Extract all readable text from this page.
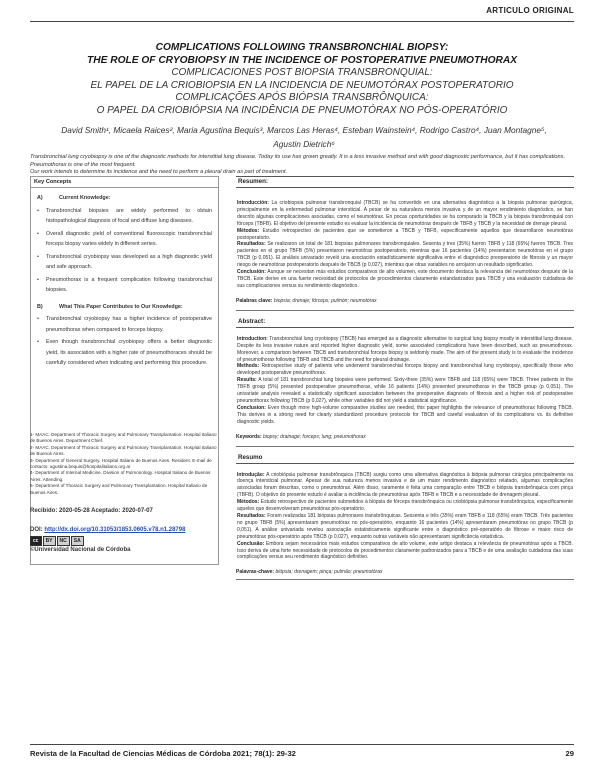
ARTICULO ORIGINAL
COMPLICATIONS FOLLOWING TRANSBRONCHIAL BIOPSY:
THE ROLE OF CRYOBIOPSY IN THE INCIDENCE OF POSTOPERATIVE PNEUMOTHORAX
COMPLICACIONES POST BIOPSIA TRANSBRONQUIAL:
EL PAPEL DE LA CRIOBIOPSIA EN LA INCIDENCIA DE NEUMOTÓRAX POSTOPERATORIO
COMPLICAÇÕES APÓS BIÓPSIA TRANSBRÔNQUICA:
O PAPEL DA CRIOBIÓPSIA NA INCIDÊNCIA DE PNEUMOTÓRAX NO PÓS-OPERATÓRIO
David Smith¹, Micaela Raices², Maria Agustina Bequis³, Marcos Las Heras⁴, Esteban Wainstein⁴, Rodrigo Castro⁴, Juan Montagne⁵, Agustin Dietrich⁶
Transbronchial lung cryobiopsy is one of the diagnostic methods for interstitial lung disease. Today its use has grown greatly. It is a less invasive method and with good diagnostic performance, but it has complications. Pneumothorax is one of the most frequent.
Our work intends to determine its incidence and the need to perform a pleural drain as part of treatment.
Key Concepts
A)	Current Knowledge:
•	Transbronchial biopsies are widely performed to obtain histopathological diagnosis of focal and diffuse lung diseases.
•	Overall diagnostic yield of conventional fluoroscopic transbronchial forceps biopsy varies widely in different series.
•	Transbronchial cryobiopsy was developed as a high diagnostic yield and safe approach.
•	Pneumothorax is a frequent complication following transbronchial biopsies.
B)	What This Paper Contributes to Our Knowledge:
•	Transbronchial cryobiopsy has a higher incidence of postoperative pneumothorax when compared to forceps biopsy.
•	Even though transbronchial cryobiopsy offers a better diagnostic yield, its association with a higher rate of pneumothoraces should be carefully considered when indicating and performing this procedure.
1- MAAC. Department of Thoracic Surgery and Pulmonary Transplantation. Hospital Italiano de Buenos Aires. Department Chief.
2- MAAC. Department of Thoracic Surgery and Pulmonary Transplantation. Hospital Italiano de Buenos Aires.
3- Department of General Surgery. Hospital Italiano de Buenos Aires. Resident. E-mail de contacto: agustina.bequis@hospitalitaliano.org.ar
4- Department of Internal Medicine. Division of Pulmonology. Hospital Italiano de Buenos Aires. Attending.
5- Department of Thoracic Surgery and Pulmonary Transplantation. Hospital Italiano de Buenos Aires.
Recibido: 2020-05-28 Aceptado: 2020-07-07
DOI: http://dx.doi.org/10.31053/1853.0605.v78.n1.28798
cc	BY	NC	SA
©Universidad Nacional de Córdoba
Resumen:
Introducción: La criobiopsia pulmonar transbronquial (TBCB) se ha convertido en una alternativa diagnóstica a la biopsia pulmonar quirúrgica, principalmente en la enfermedad pulmonar intersticial. A pesar de su naturaleza menos invasiva y de un mayor rendimiento diagnóstico, se han descrito algunas complicaciones asociadas, como el neumotórax. En pocas oportunidades se ha comparado la TBCB y la biopsia transbronquial con fórceps (TBFB). El objetivo del presente estudio es evaluar la incidencia de neumotórax después de TBFB y TBCB y la necesidad de drenaje pleural.
Métodos: Estudio retrospectivo de pacientes que se sometieron a TBCB y TBFB, específicamente aquellos que desarrollaron neumotórax postoperatorio.
Resultados: Se realizaron un total de 181 biopsias pulmonares transbronquiales. Sesenta y tres (35%) fueron TBFB y 118 (65%) fueron TBCB. Tres pacientes en el grupo TBFB (5%) presentaron neumotórax postoperatorio, mientras que 16 pacientes (14%) presentaron neumotórax en el grupo TBCB (p 0,051). El análisis univariado reveló una asociación estadísticamente significativa entre el diagnóstico preoperatorio de fibrosis y un mayor riesgo de neumotórax postoperatorio después de TBCB (p 0,027), mientras que otras variables no arrojaron un resultado significativo.
Conclusión: Aunque se necesitan más estudios comparativos de alto volumen, este documento destaca la relevancia del neumotórax después de la TBCB. Este derive en una fuerte necesidad de protocolos de procedimientos claramente estandarizados para TBCB y una evaluación cuidadosa de sus complicaciones versus su rendimiento diagnóstico.
Palabras clave: biopsia; drenaje; fórceps; pulmón; neumotórax
Abstract:
Introduction: Transbronchial lung cryobiopsy (TBCB) has emerged as a diagnostic alternative to surgical lung biopsy mostly in interstitial lung disease. Despite its less invasive nature and reported higher diagnostic yield, some associated complications have been described, such as pneumothorax. Moreover, a comparison between TBCB and transbronchial forceps biopsy is seldomly made. The aim of the present study is to evaluate the incidence of pneumothorax following TBFB and TBCB and the need for pleural drainage.
Methods: Retrospective study of patients who underwent transbronchial forceps biopsy and transbronchial lung cryobiopsy, specifically those who developed postoperative pneumothorax.
Results: A total of 181 transbronchial lung biopsies were performed. Sixty-three (35%) were TBFB and 118 (65%) were TBCB. Three patients in the TBFB group (5%) presented postoperative pneumothorax, while 16 patients (14%) presented pneumothorax in the TBCB group (p 0,051). The univariate analysis revealed a statistically significant association between the preoperative diagnosis of fibrosis and a higher risk of postoperative pneumothorax following TBCB (p 0,027), while other variables did not yield a statistical significance.
Conclusion: Even though more high-volume comparative studies are needed, this paper highlights the relevance of pneumothorax following TBCB. This derives in a strong need for clearly standardized procedure protocols for TBCB and careful evaluation of its complications vs. its definitive diagnostic yields.
Keywords: biopsy; drainage; forceps; lung; pneumothorax
Resumo
Introdução: A criobiópsia pulmonar transbrônquica (TBCB) surgiu como uma alternativa diagnóstica à biópsia pulmonar cirúrgica principalmente na doença intersticial pulmonar. Apesar de sua natureza menos invasiva e de um maior rendimento diagnóstico relatado, algumas complicações associadas foram descritas, como o pneumotórax. Além disso, raramente é feita uma comparação entre TBCB e biópsia transbrônquica com pinça (TBFB). O objetivo do presente estudo é avaliar a incidência de pneumotórax após TBFB e TBCB e a necessidade de drenagem pleural.
Métodos: Estudo retrospectivo de pacientes submetidos à biópsia de fórceps transbrônquica ou criobiópsia pulmonar transbrônquica, especificamente aqueles que desenvolveram pneumotórax pós-operatório.
Resultados: Foram realizadas 181 biópsias pulmonares transbrônquicas. Sessenta e três (35%) eram TBFB e 118 (65%) eram TBCB. Três pacientes no grupo TBFB (5%) apresentaram pneumotórax no pós-operatório, enquanto 16 pacientes (14%) apresentaram pneumotórax no grupo TBCB (p 0,051). A análise univariada revelou associação estatisticamente significante entre o diagnóstico pré-operatório de fibrose e maior risco de pneumotórax pós-operatório após TBCB (p 0,027), enquanto outras variáveis não apresentaram significância estatística.
Conclusão: Embora sejam necessários mais estudos comparativos de alto volume, este artigo destaca a relevância de pneumotórax após a TBCB. Isso deriva de uma forte necessidade de protocolos de procedimentos claramente padronizados para a TBCB e de uma avaliação cuidadosa das suas complicações versus seu rendimento diagnóstico definitivo.
Palavras-chave: biópsia; drenagem; pinça; pulmão; pneumotórax
Revista de la Facultad de Ciencias Médicas de Córdoba 2021; 78(1): 29-32	29
